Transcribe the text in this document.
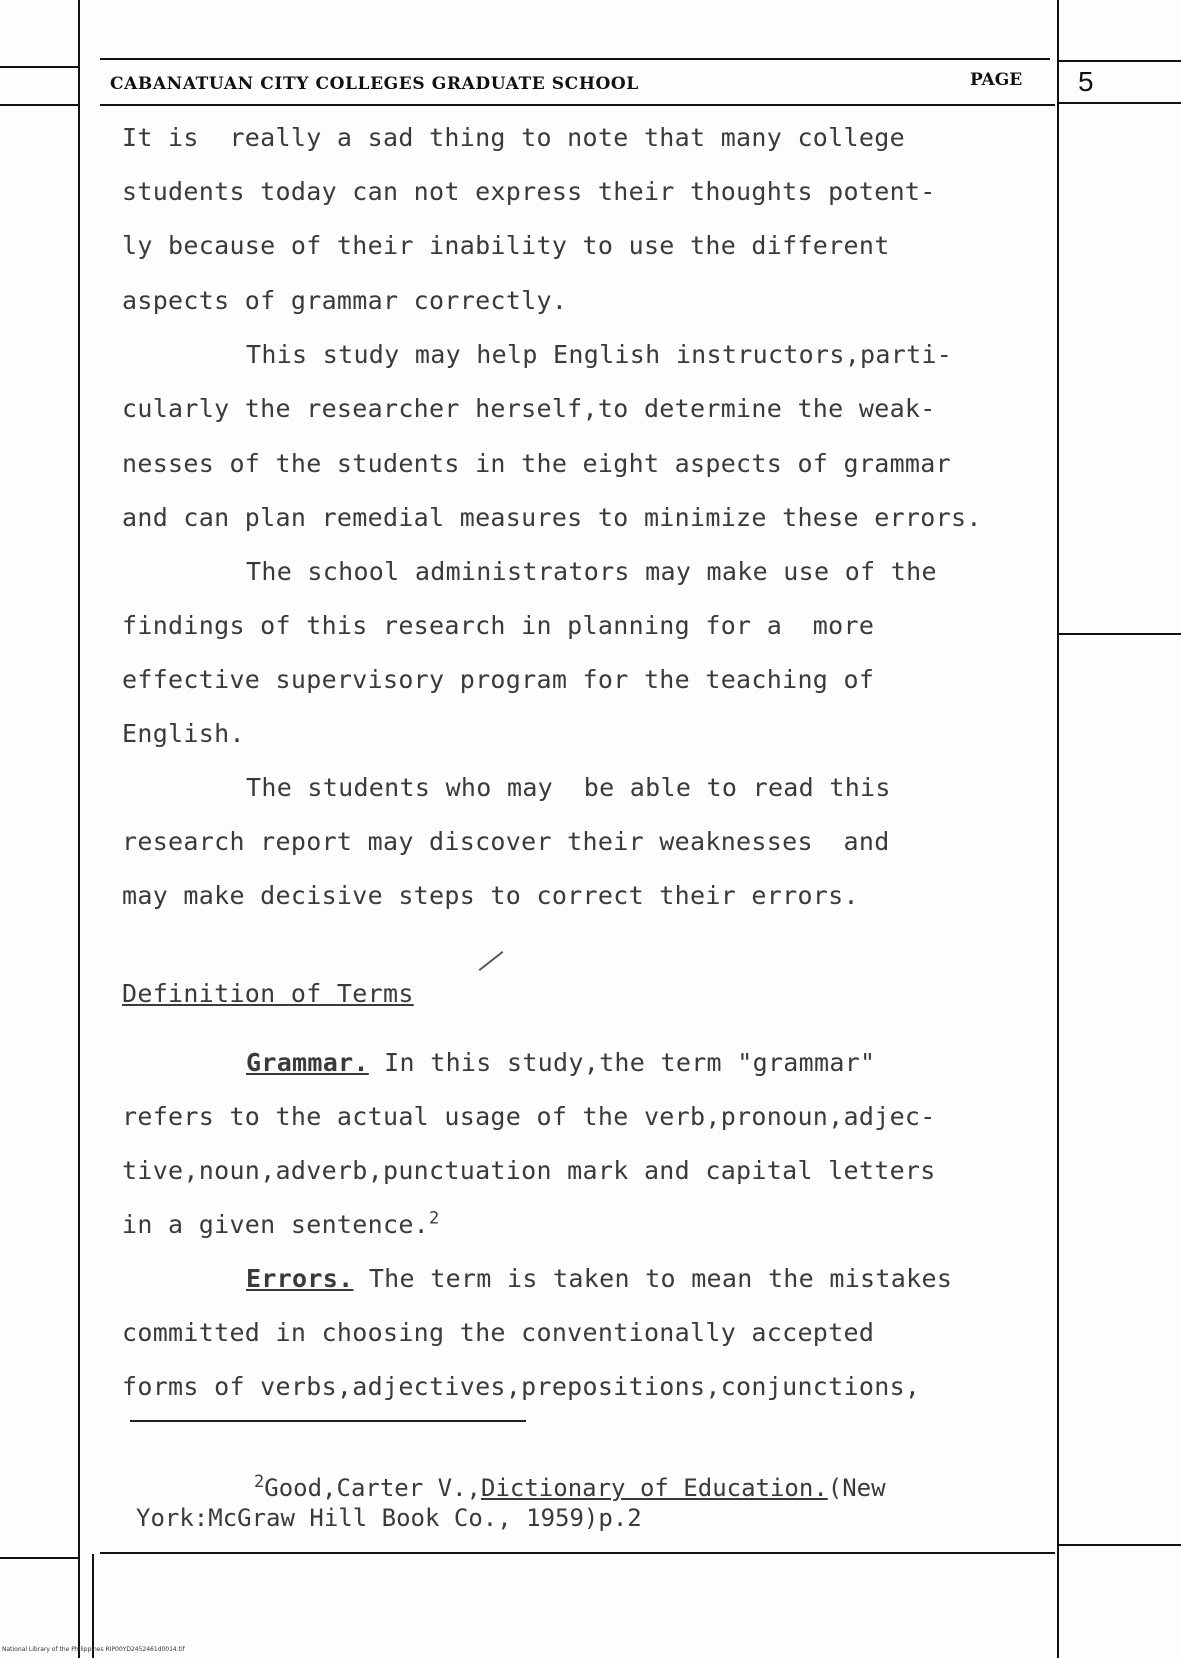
CABANATUAN CITY COLLEGES GRADUATE SCHOOL	PAGE 5
It is  really a sad thing to note that many college
students today can not express their thoughts potent-
ly because of their inability to use the different
aspects of grammar correctly.
This study may help English instructors,parti-
cularly the researcher herself,to determine the weak-
nesses of the students in the eight aspects of grammar
and can plan remedial measures to minimize these errors.
The school administrators may make use of the
findings of this research in planning for a  more
effective supervisory program for the teaching of
English.
The students who may  be able to read this
research report may discover their weaknesses  and
may make decisive steps to correct their errors.
Definition of Terms
Grammar. In this study,the term "grammar"
refers to the actual usage of the verb,pronoun,adjec-
tive,noun,adverb,punctuation mark and capital letters
in a given sentence.$^2$
Errors. The term is taken to mean the mistakes
committed in choosing the conventionally accepted
forms of verbs,adjectives,prepositions,conjunctions,
$^2$Good,Carter V.,Dictionary of Education.(New
York:McGraw Hill Book Co., 1959)p.2
National Library of the Philippines RIP00YD2452461d0014.tif
